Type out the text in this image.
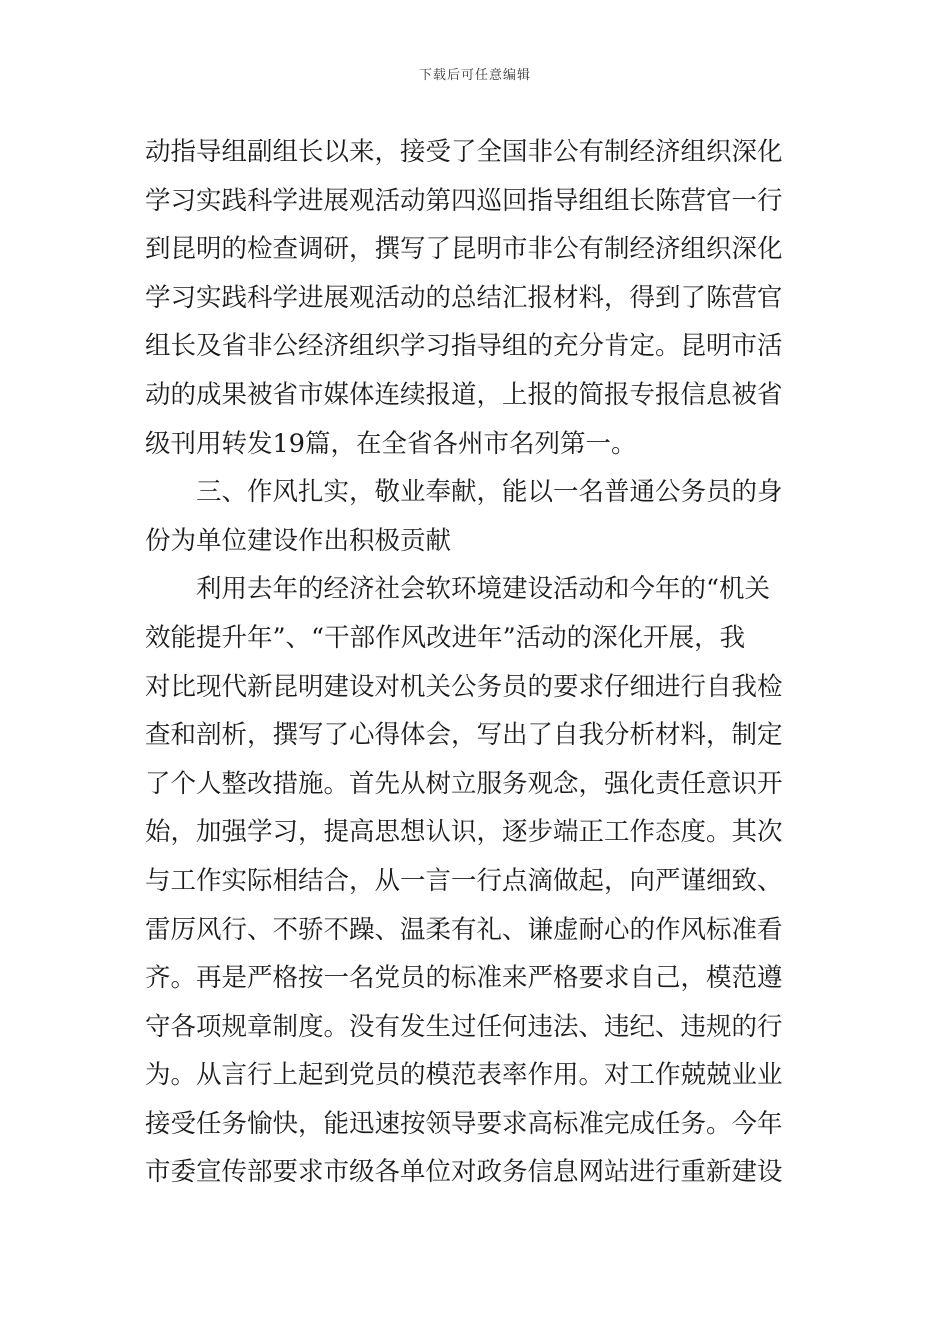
下载后可任意编辑
动指导组副组长以来，接受了全国非公有制经济组织深化
学习实践科学进展观活动第四巡回指导组组长陈营官一行
到昆明的检查调研，撰写了昆明市非公有制经济组织深化
学习实践科学进展观活动的总结汇报材料，得到了陈营官
组长及省非公经济组织学习指导组的充分肯定。昆明市活
动的成果被省市媒体连续报道，上报的简报专报信息被省
级刊用转发19篇，在全省各州市名列第一。
三、作风扎实，敬业奉献，能以一名普通公务员的身
份为单位建设作出积极贡献
利用去年的经济社会软环境建设活动和今年的“机关
效能提升年”、“干部作风改进年”活动的深化开展，我
对比现代新昆明建设对机关公务员的要求仔细进行自我检
查和剖析，撰写了心得体会，写出了自我分析材料，制定
了个人整改措施。首先从树立服务观念，强化责任意识开
始，加强学习，提高思想认识，逐步端正工作态度。其次
与工作实际相结合，从一言一行点滴做起，向严谨细致、
雷厉风行、不骄不躁、温柔有礼、谦虚耐心的作风标准看
齐。再是严格按一名党员的标准来严格要求自己，模范遵
守各项规章制度。没有发生过任何违法、违纪、违规的行
为。从言行上起到党员的模范表率作用。对工作兢兢业业
接受任务愉快，能迅速按领导要求高标准完成任务。今年
市委宣传部要求市级各单位对政务信息网站进行重新建设
